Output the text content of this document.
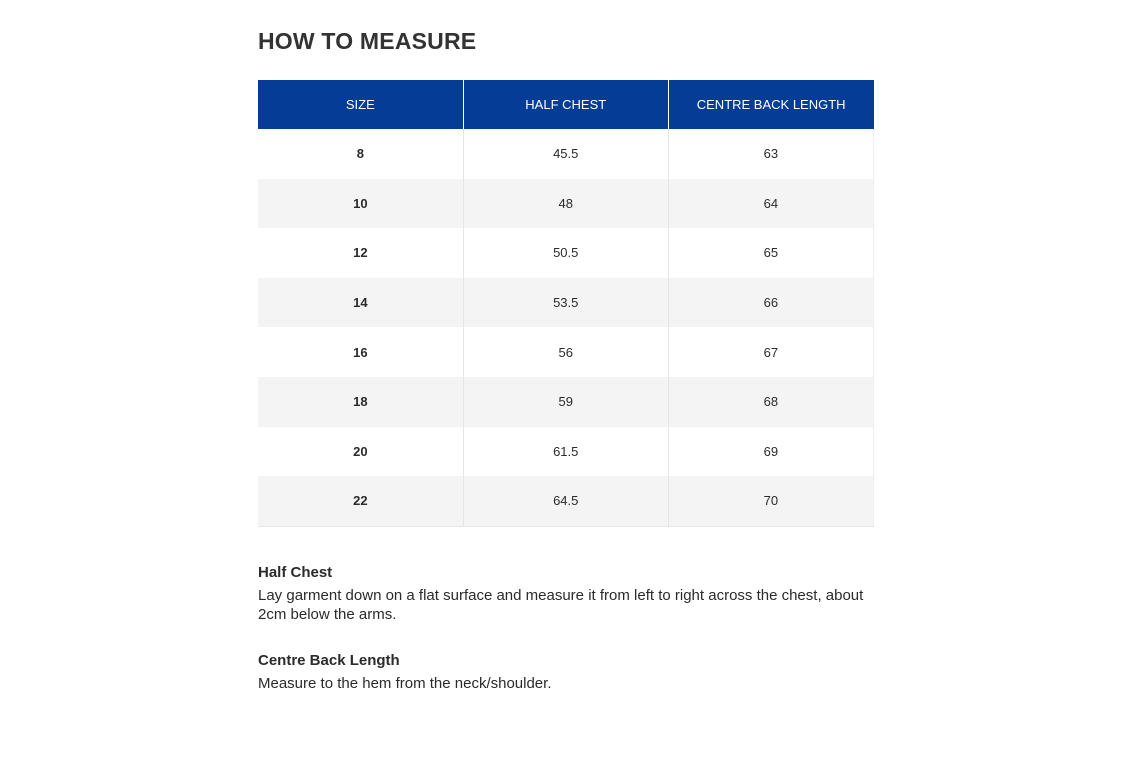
HOW TO MEASURE
SIZE	HALF CHEST	CENTRE BACK LENGTH
8	45.5	63
10	48	64
12	50.5	65
14	53.5	66
16	56	67
18	59	68
20	61.5	69
22	64.5	70
Half Chest

Lay garment down on a flat surface and measure it from left to right across the chest, about 2cm below the arms.

Centre Back Length

Measure to the hem from the neck/shoulder.
